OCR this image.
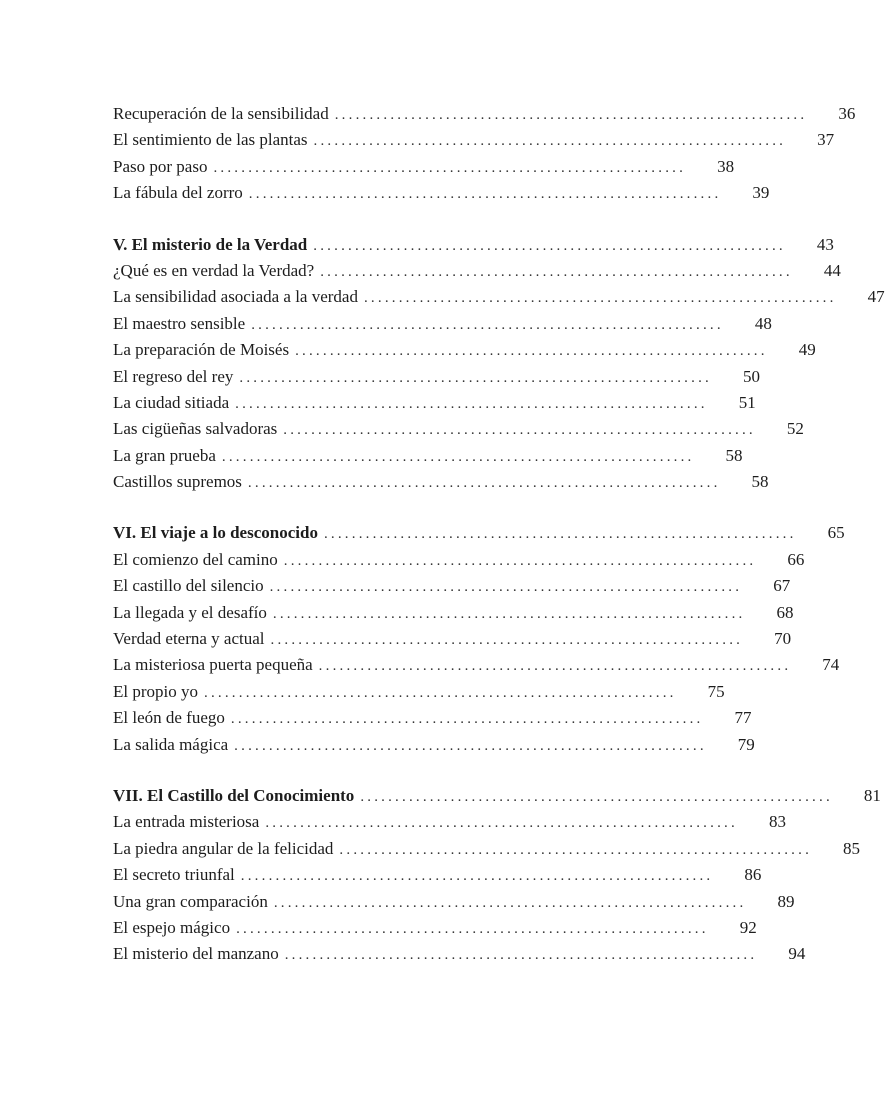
Recuperación de la sensibilidad ....................................................................	36
El sentimiento de las plantas ....................................................................	37
Paso por paso ....................................................................	38
La fábula del zorro ....................................................................	39
V. El misterio de la Verdad ....................................................................	43
¿Qué es en verdad la Verdad? ....................................................................	44
La sensibilidad asociada a la verdad ....................................................................	47
El maestro sensible ....................................................................	48
La preparación de Moisés ....................................................................	49
El regreso del rey ....................................................................	50
La ciudad sitiada ....................................................................	51
Las cigüeñas salvadoras ....................................................................	52
La gran prueba ....................................................................	58
Castillos supremos ....................................................................	58
VI. El viaje a lo desconocido ....................................................................	65
El comienzo del camino ....................................................................	66
El castillo del silencio ....................................................................	67
La llegada y el desafío ....................................................................	68
Verdad eterna y actual ....................................................................	70
La misteriosa puerta pequeña ....................................................................	74
El propio yo ....................................................................	75
El león de fuego ....................................................................	77
La salida mágica ....................................................................	79
VII. El Castillo del Conocimiento ....................................................................	81
La entrada misteriosa ....................................................................	83
La piedra angular de la felicidad ....................................................................	85
El secreto triunfal ....................................................................	86
Una gran comparación ....................................................................	89
El espejo mágico ....................................................................	92
El misterio del manzano ....................................................................	94
